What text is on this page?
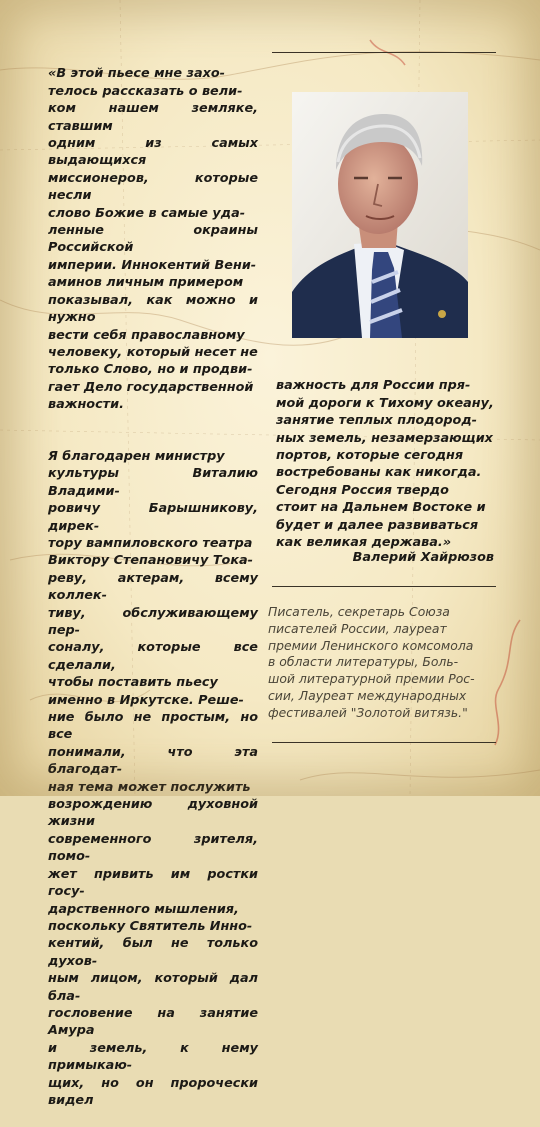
«В этой пьесе мне захо-
телось рассказать о вели-
ком нашем земляке, ставшим
одним из самых выдающихся
миссионеров, которые несли
слово Божие в самые уда-
ленные окраины Российской
империи. Иннокентий Вени-
аминов личным примером
показывал, как можно и нужно
вести себя православному
человеку, который несет не
только Слово, но и продви-
гает Дело государственной
важности.

Я благодарен министру
культуры Виталию Владими-
ровичу Барышникову, дирек-
тору вампиловского театра
Виктору Степановичу Тока-
реву, актерам, всему коллек-
тиву, обслуживающему пер-
соналу, которые все сделали,
чтобы поставить пьесу
именно в Иркутске. Реше-
ние было не простым, но все
понимали, что эта благодат-
ная тема может послужить
возрождению духовной жизни
современного зрителя, помо-
жет привить им ростки госу-
дарственного мышления,
поскольку Святитель Инно-
кентий, был не только духов-
ным лицом, который дал бла-
гословение на занятие Амура
и земель, к нему примыкаю-
щих, но он пророчески видел

важность для России пря-
мой дороги к Тихому океану,
занятие теплых плодород-
ных земель, незамерзающих
портов, которые сегодня
востребованы как никогда.
Сегодня Россия твердо
стоит на Дальнем Востоке и
будет и далее развиваться
как великая держава.»

Валерий Хайрюзов
Писатель, секретарь Союза
писателей России, лауреат
премии Ленинского комсомола
в области литературы, Боль-
шой литературной премии Рос-
сии, Лауреат международных
фестивалей "Золотой витязь."
